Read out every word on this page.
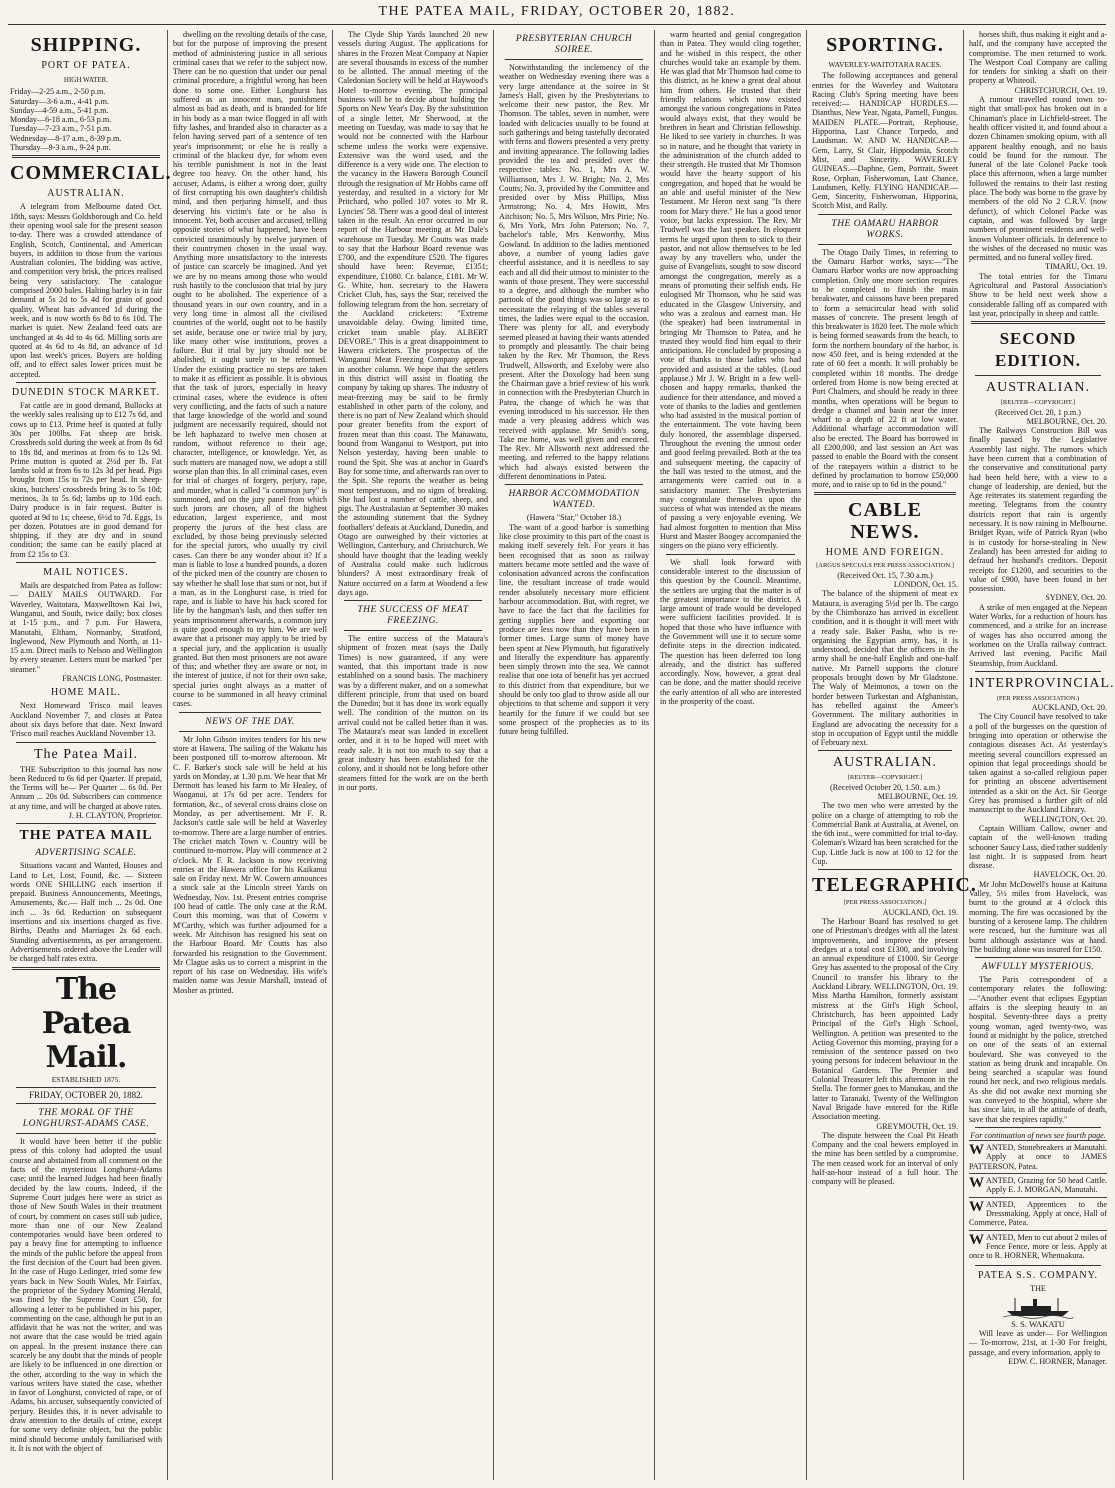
THE PATEA MAIL, FRIDAY, OCTOBER 20, 1882.
SHIPPING.
PORT OF PATEA.
HIGH WATER.
Friday—2-25 a.m., 2-50 p.m.
Saturday—3-6 a.m., 4-41 p.m.
Sunday—4-59 a.m., 5-41 p.m.
Monday—6-18 a.m., 6-53 p.m.
Tuesday—7-23 a.m., 7-51 p.m.
Wednesday—8-17 a.m., 8-39 p.m.
Thursday—9-3 a.m., 9-24 p.m.
COMMERCIAL.
AUSTRALIAN.

A telegram from Melbourne dated Oct. 18th, says: Messrs Goldsborough and Co. held their opening wool sale for the present season to-day. There was a crowded attendance of English, Scotch, Continental, and American buyers, in addition to those from the various Australian colonies. The bidding was active, and competition very brisk, the prices realised being very satisfactory. The catalogue comprised 2000 bales. Halting barley is in fair demand at 5s 2d to 5s 4d for grain of good quality. Wheat has advanced 1d during the week, and is now worth 6s 8d to 6s 10d. The market is quiet. New Zealand feed oats are unchanged at 4s 4d to 4s 6d. Milling sorts are quoted at 4s 6d to 4s 8d, an advance of 1d upon last week's prices. Buyers are holding off, and to effect sales lower prices must be accepted.

DUNEDIN STOCK MARKET.

Fat cattle are in good demand, Bullocks at the weekly sales realising up to £12 7s 6d, and cows up to £13. Prime beef is quoted at fully 30s per 100lbs. Fat sheep are brisk. Crossbreds sold during the week at from 8s 6d to 18s 8d, and merinos at from 6s to 12s 9d. Prime mutton is quoted at 2½d per lb. Fat lambs sold at from 6s to 12s 3d per head. Pigs brought from 15s to 72s per head. In sheep-skins, butchers' crossbreds bring 3s to 5s 10d; merinos, 3s to 5s 6d; lambs up to 10d each. Dairy produce is in fair request. Butter is quoted at 9d to 1s; cheese, 6½d to 7d. Eggs, 1s per dozen. Potatoes are in good demand for shipping, if they are dry and in sound condition; the same can be easily placed at from £2 15s to £3.

MAIL NOTICES.

Mails are despatched from Patea as follow:— DAILY MAILS OUTWARD. For Waverley, Waitotara, Maxwelltown Kai Iwi, Wanganui, and South, twice daily; box closes at 1-15 p.m., and 7 p.m. For Hawera, Manutahi, Eltham, Normanby, Stratford, Inglewood, New Plymouth and North, at 11-15 a.m. Direct mails to Nelson and Wellington by every steamer. Letters must be marked "per steamer."

FRANCIS LONG, Postmaster.
HOME MAIL.

Next Homeward 'Frisco mail leaves Auckland November 7, and closes at Patea about six days before that date. Next Inward 'Frisco mail reaches Auckland November 13.

The Patea Mail.

THE Subscription to this journal has now been Reduced to 6s 6d per Quarter. If prepaid, the Terms will be— Per Quarter ... 6s 0d. Per Annum ... 20s 0d. Subscribers can commence at any time, and will be charged at above rates.

J. H. CLAYTON, Proprietor.
THE PATEA MAIL
ADVERTISING SCALE.

Situations vacant and Wanted, Houses and Land to Let, Lost, Found, &c. — Sixteen words ONE SHILLING each insertion if prepaid. Business Announcements, Meetings, Amusements, &c.— Half inch ... 2s 0d. One inch ... 3s 6d. Reduction on subsequent insertions and six insertions charged as five. Births, Deaths and Marriages 2s 6d each. Standing advertisements, as per arrangement. Advertisements ordered above the Leader will be charged half rates extra.

The Patea Mail.
ESTABLISHED 1875.
FRIDAY, OCTOBER 20, 1882.
THE MORAL OF THE LONGHURST-ADAMS CASE.

It would have been better if the public press of this colony had adopted the usual course and abstained from all comment on the facts of the mysterious Longhurst-Adams case; until the learned Judges had been finally decided by the law courts. Indeed, if the Supreme Court judges here were as strict as those of New South Wales in their treatment of court, by comment on cases still sub judice, more than one of our New Zealand contemporaries would have been ordered to pay a heavy fine for attempting to influence the minds of the public before the appeal from the first decision of the Court had been given. In the case of Hugo Ledinger, tried some few years back in New South Wales, Mr Fairfax, the proprietor of the Sydney Morning Herald, was fined by the Supreme Court £50, for allowing a letter to be published in his paper, commenting on the case, although he put in an affidavit that he was not the writer, and was not aware that the case would be tried again on appeal. In the present instance there can scarcely be any doubt that the minds of people are likely to be influenced in one direction or the other, according to the way in which the various writers have stated the case, whether in favor of Longhurst, convicted of rape, or of Adams, his accuser, subsequently convicted of perjury. Besides this, it is never advisable to draw attention to the details of crime, except for some very definite object, but the public mind should become unduly familiarised with it. It is not with the object of

dwelling on the revolting details of the case, but for the purpose of improving the present method of administering justice in all serious criminal cases that we refer to the subject now. There can be no question that under our penal criminal procedure, a frightful wrong has been done to some one. Either Longhurst has suffered as an innocent man, punishment almost as bad as death, and is branded for life in his body as a man twice flogged in all with fifty lashes, and branded also in character as a felon having served part of a sentence of ten year's imprisonment; or else he is really a criminal of the blackest dye, for whom even his terrible punishment is not in the least degree too heavy. On the other hand, his accuser, Adams, is either a wrong doer, guilty of first corrupting his own daughter's childish mind, and then perjuring himself, and thus deserving his victim's fate or he also is innocent. Yet, both accuser and accused, telling opposite stories of what happened, have been convicted unanimously by twelve jurymen of their countrymen chosen in the usual way. Anything more unsatisfactory to the interests of justice can scarcely be imagined. And yet we are by no means among those who would rush hastily to the conclusion that trial by jury ought to be abolished. The experience of a thousand years in our own country, and in a very long time in almost all the civilised countries of the world, ought not to be hastily set aside, because one or twice trial by jury, like many other wise institutions, proves a failure. But if trial by jury should not be abolished, it ought surely to be reformed. Under the existing practice no steps are taken to make it as efficient as possible. It is obvious that the task of jurors, especially in heavy criminal cases, where the evidence is often very conflicting, and the facts of such a nature that large knowledge of the world and sound judgment are necessarily required, should not be left haphazard to twelve men chosen at random, without reference to their age, character, intelligence, or knowledge. Yet, as such matters are managed now, we adopt a still worse plan than this. In all criminal cases, even for trial of charges of forgery, perjury, rape, and murder, what is called "a common jury" is summoned, and on the jury panel from which such jurors are chosen, all of the highest education, largest experience, and most property the jurors of the best class are excluded, by those being previously selected for the special jurors, who usually try civil cases. Can there be any wonder about it? If a man is liable to lose a hundred pounds, a dozen of the picked men of the country are chosen to say whether he shall lose that sum or not, but if a man, as in the Longhurst case, is tried for rape, and is liable to have his back scored for life by the hangman's lash, and then suffer ten years imprisonment afterwards, a common jury is quite good enough to try him. We are well aware that a prisoner may apply to be tried by a special jury, and the application is usually granted. But then most prisoners are not aware of this; and whether they are aware or not, in the interest of justice, if not for their own sake, special juries ought always as a matter of course to be summoned in all heavy criminal cases.

NEWS OF THE DAY.

Mr John Gibson invites tenders for his new store at Hawera. The sailing of the Wakatu has been postponed till to-morrow afternoon. Mr C. F. Barker's stock sale will be held at his yards on Monday, at 1.30 p.m. We hear that Mr Dermott has leased his farm to Mr Healey, of Wanganui, at 17s 6d per acre. Tenders for formation, &c., of several cross drains close on Monday, as per advertisement. Mr F. R. Jackson's cattle sale will be held at Waverley to-morrow. There are a large number of entries. The cricket match Town v. Country will be continued to-morrow. Play will commence at 2 o'clock. Mr F. R. Jackson is now receiving entries at the Hawera office for his Kaikanui sale on Friday next. Mr W. Cowern announces a stock sale at the Lincoln street Yards on Wednesday, Nov. 1st. Present entries comprise 100 head of cattle. The only case at the R.M. Court this morning, was that of Cowern v M'Carthy, which was further adjourned for a week. Mr Aitchison has resigned his seat on the Harbour Board. Mr Coutts has also forwarded his resignation to the Government. Mr Clague asks us to correct a misprint in the report of his case on Wednesday. His wife's maiden name was Jessie Marshall, instead of Mosher as printed.

The Clyde Ship Yards launched 20 new vessels during August. The applications for shares in the Frozen Meat Company at Napier are several thousands in excess of the number to be allotted. The annual meeting of the Caledonian Society will be held at Haywood's Hotel to-morrow evening. The principal business will be to decide about holding the Sports on New Year's Day. By the substitution of a single letter, Mr Sherwood, at the meeting on Tuesday, was made to say that he would not be connected with the Harbour scheme unless the works were expensive. Extensive was the word used, and the difference is a very wide one. The election to the vacancy in the Hawera Borough Council through the resignation of Mr Hobbs came off yesterday, and resulted in a victory for Mr Pritchard, who polled 107 votes to Mr R. Lyncies' 58. There was a good deal of interest taken in the result. An error occurred in our report of the Harbour meeting at Mr Dale's warehouse on Tuesday. Mr Coutts was made to say that the Harbour Board revenue was £700, and the expenditure £520. The figures should have been: Revenue, £1351; expenditure, £1080. Cr. balance, £181. Mr W. G. White, hon. secretary to the Hawera Cricket Club, has, says the Star, received the following telegram from the hon. secretary of the Auckland cricketers: "Extreme unavoidable delay. Owing limited time, cricket team unable play. ALBERT DEVORE." This is a great disappointment to Hawera cricketers. The prospectus of the Wanganui Meat Freezing Company appears in another column. We hope that the settlers in this district will assist in floating the company by taking up shares. The industry of meat-freezing may be said to be firmly established in other parts of the colony, and there is no part of New Zealand which should pour greater benefits from the export of frozen meat than this coast. The Manawatu, bound from Wanganui to Westport, put into Nelson yesterday, having been unable to round the Spit. She was at anchor in Guard's Bay for some time, and afterwards ran over to the Spit. She reports the weather as being most tempestuous, and no signs of breaking. She had lost a number of cattle, sheep, and pigs. The Australasian at September 30 makes the astounding statement that the Sydney footballers' defeats at Auckland, Dunedin, and Otago are outweighed by their victories at Wellington, Canterbury, and Christchurch. We should have thought that the leading weekly of Australia could make such ludicrous blunders? A most extraordinary freak of Nature occurred on a farm at Woodend a few days ago.

THE SUCCESS OF MEAT FREEZING.

The entire success of the Mataura's shipment of frozen meat (says the Daily Times) is now guaranteed, if any were wanted, that this important trade is now established on a sound basis. The machinery was by a different maker, and on a somewhat different principle, from that used on board the Dunedin; but it has done its work equally well. The condition of the mutton on its arrival could not be called better than it was. The Mataura's meat was landed in excellent order, and it is to be hoped will meet with ready sale. It is not too much to say that a great industry has been established for the colony, and it should not be long before other steamers fitted for the work are on the berth in our ports.

PRESBYTERIAN CHURCH SOIREE.

Notwithstanding the inclemency of the weather on Wednesday evening there was a very large attendance at the soiree in St James's Hall, given by the Presbyterians to welcome their new pastor, the Rev. Mr Thomson. The tables, seven in number, were loaded with delicacies usually to be found at such gatherings and being tastefully decorated with ferns and flowers presented a very pretty and inviting appearance. The following ladies provided the tea and presided over the respective tables: No. 1, Mrs A. W. Williamson, Mrs J. W. Bright; No. 2, Mrs Coutts; No. 3, provided by the Committee and presided over by Miss Phillips, Miss Armstrong; No. 4, Mrs Howitt, Mrs Aitchison; No. 5, Mrs Wilson, Mrs Pirie; No. 6, Mrs York, Mrs John Paterson; No. 7, bachelor's table, Mrs Kenworthy, Miss Gowland. In addition to the ladies mentioned above, a number of young ladies gave cheerful assistance, and it is needless to say each and all did their utmost to minister to the wants of those present. They were successful to a degree, and although the number who partook of the good things was so large as to necessitate the relaying of the tables several times, the ladies were equal to the occasion. There was plenty for all, and everybody seemed pleased at having their wants attended to promptly and pleasantly. The chair being taken by the Rev. Mr Thomson, the Revs Trudwell, Allsworth, and Exeloby were also present. After the Doxology had been sung the Chairman gave a brief review of his work in connection with the Presbyterian Church in Patea, the change of which he was that evening introduced to his successor. He then made a very pleasing address which was received with applause. Mr Smith's song, Take me home, was well given and encored. The Rev. Mr Allsworth next addressed the meeting, and referred to the happy relations which had always existed between the different denominations in Patea.

HARBOR ACCOMMODATION WANTED.
(Hawera "Star," October 18.)

The want of a good harbor is something like close proximity to this part of the coast is making itself severely felt. For years it has been recognised that as soon as railway matters became more settled and the wave of colonisation advanced across the confiscation line, the resultant increase of trade would render absolutely necessary more efficient harbour accommodation. But, with regret, we have to face the fact that the facilities for getting supplies here and exporting our produce are less now than they have been in former times. Large sums of money have been spent at New Plymouth, but figuratively and literally the expenditure has apparently been simply thrown into the sea. We cannot realise that one iota of benefit has yet accrued to this district from that expenditure, but we should be only too glad to throw aside all our objections to that scheme and support it very heartily for the future if we could but see some prospect of the prophecies as to its future being fulfilled.

warm hearted and genial congregation than in Patea. They would cling together, and he wished in this respect, the other churches would take an example by them. He was glad that Mr Thomson had come to this district, as he knew a great deal about him from others. He trusted that their friendly relations which now existed amongst the various congregations in Patea would always exist, that they would be brethren in heart and Christian fellowship. He liked to see variety in churches. It was so in nature, and he thought that variety in the administration of the church added to their strength. He trusted that Mr Thomson would have the hearty support of his congregation, and hoped that he would be an able and useful minister of the New Testament. Mr Heron next sang "Is there room for Mary there." He has a good tenor voice, but lacks expression. The Rev. Mr Trudwell was the last speaker. In eloquent terms he urged upon them to stick to their pastor, and not allow themselves to be led away by any travellers who, under the guise of Evangelists, sought to sow discord amongst the congregation, merely as a means of promoting their selfish ends. He eulogised Mr Thomson, who he said was educated in the Glasgow University, and who was a zealous and earnest man. He (the speaker) had been instrumental in bringing Mr Thomson to Patea, and he trusted they would find him equal to their anticipations. He concluded by proposing a vote of thanks to those ladies who had provided and assisted at the tables. (Loud applause.) Mr J. W. Bright in a few well-chosen and happy remarks, thanked the audience for their attendance, and moved a vote of thanks to the ladies and gentlemen who had assisted in the musical portion of the entertainment. The vote having been duly honored, the assemblage dispersed. Throughout the evening the utmost order and good feeling prevailed. Both at the tea and subsequent meeting, the capacity of the hall was tested to the utmost, and the arrangements were carried out in a satisfactory manner. The Presbyterians may congratulate themselves upon the success of what was intended as the means of passing a very enjoyable evening. We had almost forgotten to mention that Miss Hurst and Master Boogey accompanied the singers on the piano very efficiently.

We shall look forward with considerable interest to the discussion of this question by the Council. Meantime, the settlers are urging that the matter is of the greatest importance to the district. A large amount of trade would be developed were sufficient facilities provided. It is hoped that those who have influence with the Government will use it to secure some definite steps in the direction indicated. The question has been deferred too long already, and the district has suffered accordingly. Now, however, a great deal can be done, and the matter should receive the early attention of all who are interested in the prosperity of the coast.

SPORTING.
WAVERLEY-WAITOTARA RACES.

The following acceptances and general entries for the Waverley and Waitotara Racing Club's Spring meeting have been received:— HANDICAP HURDLES.—Dianthus, New Year, Ngata, Parnell, Fungus. MAIDEN PLATE.—Portrait, Rephouse, Hipporina, Last Chance Torpedo, and Laudsman. W. AND W. HANDICAP.—Gem, Larry, St Clair, Hippodamia, Scotch Mist, and Sincerity. WAVERLEY GUINEAS.—Daphne, Gem, Portrait, Sweet Rose, Orphan, Fisherwoman, Last Chance, Laudsmen, Kelly. FLYING HANDICAP.—Gem, Sincerity, Fisherwoman, Hipporina, Scotch Mist, and Rally.

THE OAMARU HARBOR WORKS.

The Otago Daily Times, in referring to the Oamaru Harbor works, says:—"The Oamaru Harbor works are now approaching completion. Only one more section requires to be completed to finish the main breakwater, and caissons have been prepared to form a semicircular head with solid masses of concrete. The present length of this breakwater is 1820 feet. The mole which is being formed seawards from the beach, to form the northern boundary of the harbor, is now 450 feet, and is being extended at the rate of 60 feet a month. It will probably be completed within 18 months. The dredge ordered from Home is now being erected at Port Chalmers, and should be ready in three months, when operations will be begun to dredge a channel and basin near the inner wharf to a depth of 22 ft at low water. Additional wharfage accommodation will also be erected. The Board has borrowed in all £200,000, and last session an Act was passed to enable the Board with the consent of the ratepayers within a district to be defined by proclamation to borrow £50,000 more, and to raise up to 6d in the pound."

CABLE NEWS.
HOME AND FOREIGN.
[ARGUS SPECIALS PER PRESS ASSOCIATION.]
(Received Oct. 15, 7.30 a.m.)
LONDON, Oct. 15.

The balance of the shipment of meat ex Mataura, is averaging 5½d per lb. The cargo by the Chimborazo has arrived in excellent condition, and it is thought it will meet with a ready sale. Baker Pasha, who is re-organising the Egyptian army, has, it is understood, decided that the officers in the army shall be one-half English and one-half native. Mr Parnell supports the cloture proposals brought down by Mr Gladstone. The Waly of Meimonos, a town on the border between Turkestan and Afghanistan, has rebelled against the Ameer's Government. The military authorities in England are advocating the necessity for a stop in occupation of Egypt until the middle of February next.

AUSTRALIAN.
[REUTER—COPYRIGHT.]
(Received October 20, 1.50. a.m.)
MELBOURNE, Oct. 19.

The two men who were arrested by the police on a charge of attempting to rob the Commercial Bank at Australia, at Avenel, on the 6th inst., were committed for trial to-day. Coleman's Wizard has been scratched for the Cup. Little Jack is now at 100 to 12 for the Cup.

TELEGRAPHIC.
[PER PRESS ASSOCIATION.]
AUCKLAND, Oct. 19.

The Harbour Board has resolved to get one of Priestman's dredges with all the latest improvements, and improve the present dredges at a total cost £1300, and involving an annual expenditure of £1000. Sir George Grey has assented to the proposal of the City Council to transfer his library to the Auckland Library. WELLINGTON, Oct. 19. Miss Martha Hamilton, formerly assistant mistress at the Girl's High School, Christchurch, has been appointed Lady Principal of the Girl's High School, Wellington. A petition was presented to the Acting Governor this morning, praying for a remission of the sentence passed on two young persons for indecent behaviour in the Botanical Gardens. The Premier and Colonial Treasurer left this afternoon in the Stella. The former goes to Manukau, and the latter to Taranaki. Twenty of the Wellington Naval Brigade have entered for the Rifle Association meeting.

GREYMOUTH, Oct. 19.

The dispute between the Coal Pit Heath Company and the coal hewers employed in the mine has been settled by a compromise. The men ceased work for an interval of only half-an-hour instead of a full hour. The company will be pleased.

horses shift, thus making it eight and a-half, and the company have accepted the compromise. The men returned to work. The Westport Coal Company are calling for tenders for sinking a shaft on their property at Whiteoil.

CHRISTCHURCH, Oct. 19.

A rumour travelled round town to-night that small-pox has broken out in a Chinaman's place in Lichfield-street. The health officer visited it, and found about a dozen Chinamen smoking opium, with all apparent healthy enough, and no basis could be found for the rumour. The funeral of the late Colonel Packe took place this afternoon, when a large number followed the remains to their last resting place. The body was borne to the grave by members of the old No 2 C.R.V. (now defunct), of which Colonel Packe was captain, and was followed by large numbers of prominent residents and well-known Volunteer officials. In deference to the wishes of the deceased no music was permitted, and no funeral volley fired.

TIMARU, Oct. 19.

The total entries for the Timaru Agricultural and Pastoral Association's Show to be held next week show a considerable falling off as compared with last year, principally in sheep and cattle.

SECOND EDITION.
AUSTRALIAN.
[REUTER—COPYRIGHT.]
(Received Oct. 20, 1 p.m.)
MELBOURNE, Oct. 20.

The Railways Construction Bill was finally passed by the Legislative Assembly last night. The rumors which have been current that a combination of the conservative and constitutional party had been held here, with a view to a change of leadership, are denied, but the Age reiterates its statement regarding the meeting. Telegrams from the country districts report that rain is urgently necessary. It is now raining in Melbourne. Bridget Ryan, wife of Patrick Ryan (who is in custody for horse-stealing in New Zealand) has been arrested for aiding to defraud her husband's creditors. Deposit receipts for £1200, and securities to the value of £900, have been found in her possession.

SYDNEY, Oct. 20.

A strike of men engaged at the Nepean Water Works, for a reduction of hours has commenced, and a strike for an increase of wages has also occurred among the workmen on the Uralla railway contract. Arrived last evening, Pacific Mail Steamship, from Auckland.

INTERPROVINCIAL.
(PER PRESS ASSOCIATION.)
AUCKLAND, Oct. 20.

The City Council have resolved to take a poll of the burgesses on the question of bringing into operation or otherwise the contagious diseases Act. At yesterday's meeting several councillors expressed an opinion that legal proceedings should be taken against a so-called religious paper for printing an obscene advertisement intended as a skit on the Act. Sir George Grey has promised a further gift of old manuscript to the Auckland Library.

WELLINGTON, Oct. 20.

Captain William Callow, owner and captain of the well-known trading schooner Saucy Lass, died rather suddenly last night. It is supposed from heart disease.

HAVELOCK, Oct. 20.

Mr John McDowell's house at Kaituna Valley, 5½ miles from Havelock, was burnt to the ground at 4 o'clock this morning. The fire was occasioned by the bursting of a kerosene lamp. The children were rescued, but the furniture was all burnt although assistance was at hand. The building alone was insured for £150.

AWFULLY MYSTERIOUS.

The Paris correspondent of a contemporary relates the following:—"Another event that eclipses Egyptian affairs is the sleeping beauty in an hospital. Seventy-three days a pretty young woman, aged twenty-two, was found at midnight by the police, stretched on one of the seats of an external boulevard. She was conveyed to the station as being drunk and incapable. On being searched a scapular was found round her neck, and two religious medals. As she did not awake next morning she was conveyed to the hospital, where she has since lain, in all the attitude of death, save that she respires rapidly."

For continuation of news see fourth page.
WANTED, Stonebreakers at Manutahi. Apply at once to JAMES PATTERSON, Patea.
WANTED, Grazing for 50 head Cattle. Apply E. J. MORGAN, Manutahi.
WANTED, Apprentices to the Dressmaking. Apply at once, Hall of Commerce, Patea.
WANTED, Men to cut about 2 miles of Fence Fence, more or less. Apply at once to R. HORNER, Whenuakura.
PATEA S.S. COMPANY.
THE
S. S. WAKATU

Will leave as under— For Wellington— To-morrow, 21st, at 1-30 For freight, passage, and every information, apply to

EDW. C. HORNER, Manager.
